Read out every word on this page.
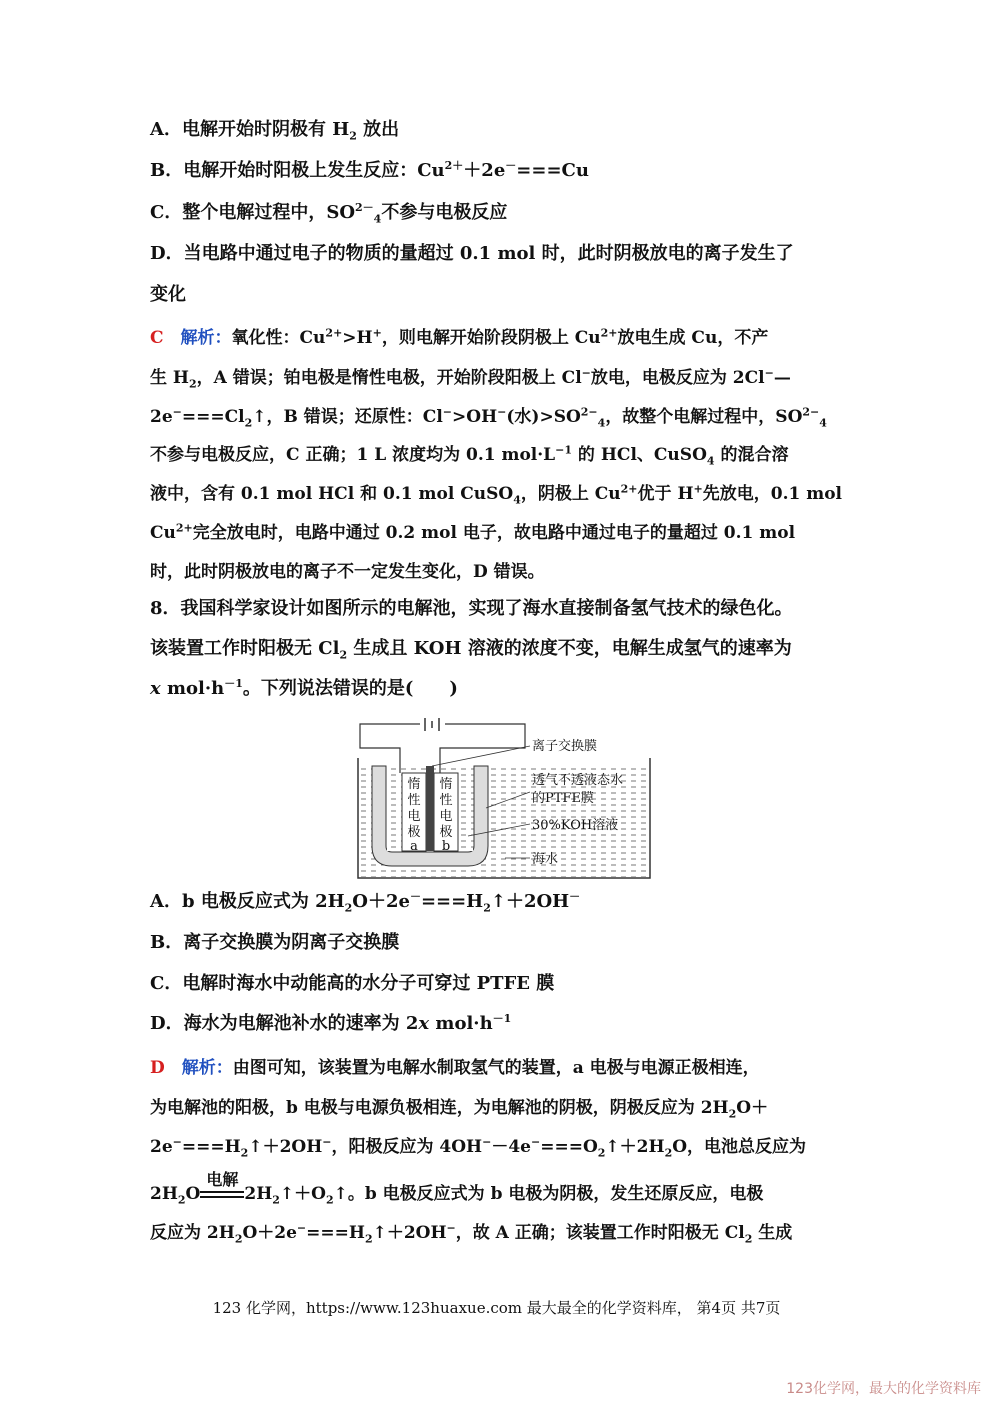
A．电解开始时阴极有 $H_2$ 放出
B．电解开始时阳极上发生反应：$Cu^{2+}+2e^-===Cu$
C．整个电解过程中，$SO^{2-}_4$不参与电极反应
D．当电路中通过电子的物质的量超过 0.1 mol 时，此时阴极放电的离子发生了
变化
C　 解析：氧化性：$Cu^{2+}>H^+$，则电解开始阶段阴极上 $Cu^{2+}$放电生成 Cu，不产
生 $H_2$，A 错误；铂电极是惰性电极，开始阶段阳极上 Cl−放电，电极反应为 2Cl−—
$2e^-===Cl_2↑$，B 错误；还原性：Cl−>OH−(水)$>SO^{2-}_4$，故整个电解过程中，$SO^{2-}_4$
不参与电极反应，C 正确；1 L 浓度均为 0.1 $mol\cdot L^{-1}$ 的 HCl、CuSO$_4$ 的混合溶
液中，含有 0.1 mol HCl 和 0.1 mol CuSO$_4$，阴极上 $Cu^{2+}$优于 H+先放电，0.1 mol
$Cu^{2+}$完全放电时，电路中通过 0.2 mol 电子，故电路中通过电子的量超过 0.1 mol
时，此时阴极放电的离子不一定发生变化，D 错误。
8．我国科学家设计如图所示的电解池，实现了海水直接制备氢气技术的绿色化。
该装置工作时阳极无 $Cl_2$ 生成且 KOH 溶液的浓度不变，电解生成氢气的速率为
x $mol\cdot h^{-1}$。下列说法错误的是(　　)
惰
性
电
极
a
惰
性
电
极
b
离子交换膜
透气不透液态水
的PTFE膜
30%KOH溶液
海水
A．b 电极反应式为 $2H_2O+2e^-===H_2↑+2OH^-$
B．离子交换膜为阴离子交换膜
C．电解时海水中动能高的水分子可穿过 PTFE 膜
D．海水为电解池补水的速率为 2x $mol\cdot h^{-1}$
D　 解析：由图可知，该装置为电解水制取氢气的装置，a 电极与电源正极相连，
为电解池的阳极，b 电极与电源负极相连，为电解池的阴极，阴极反应为 $2H_2O+$
$2e^-===H_2↑+2OH^-$，阳极反应为 $4OH^--4e^-===O_2↑+2H_2O$，电池总反应为
$2H_2O$
电解
$2H_2↑+O_2↑$。b 电极反应式为 b 电极为阴极，发生还原反应，电极
反应为 $2H_2O+2e^-===H_2↑+2OH^-$，故 A 正确；该装置工作时阳极无 $Cl_2$ 生成
123 化学网，https://www.123huaxue.com 最大最全的化学资料库， 第4页 共7页
123化学网，最大的化学资料库
